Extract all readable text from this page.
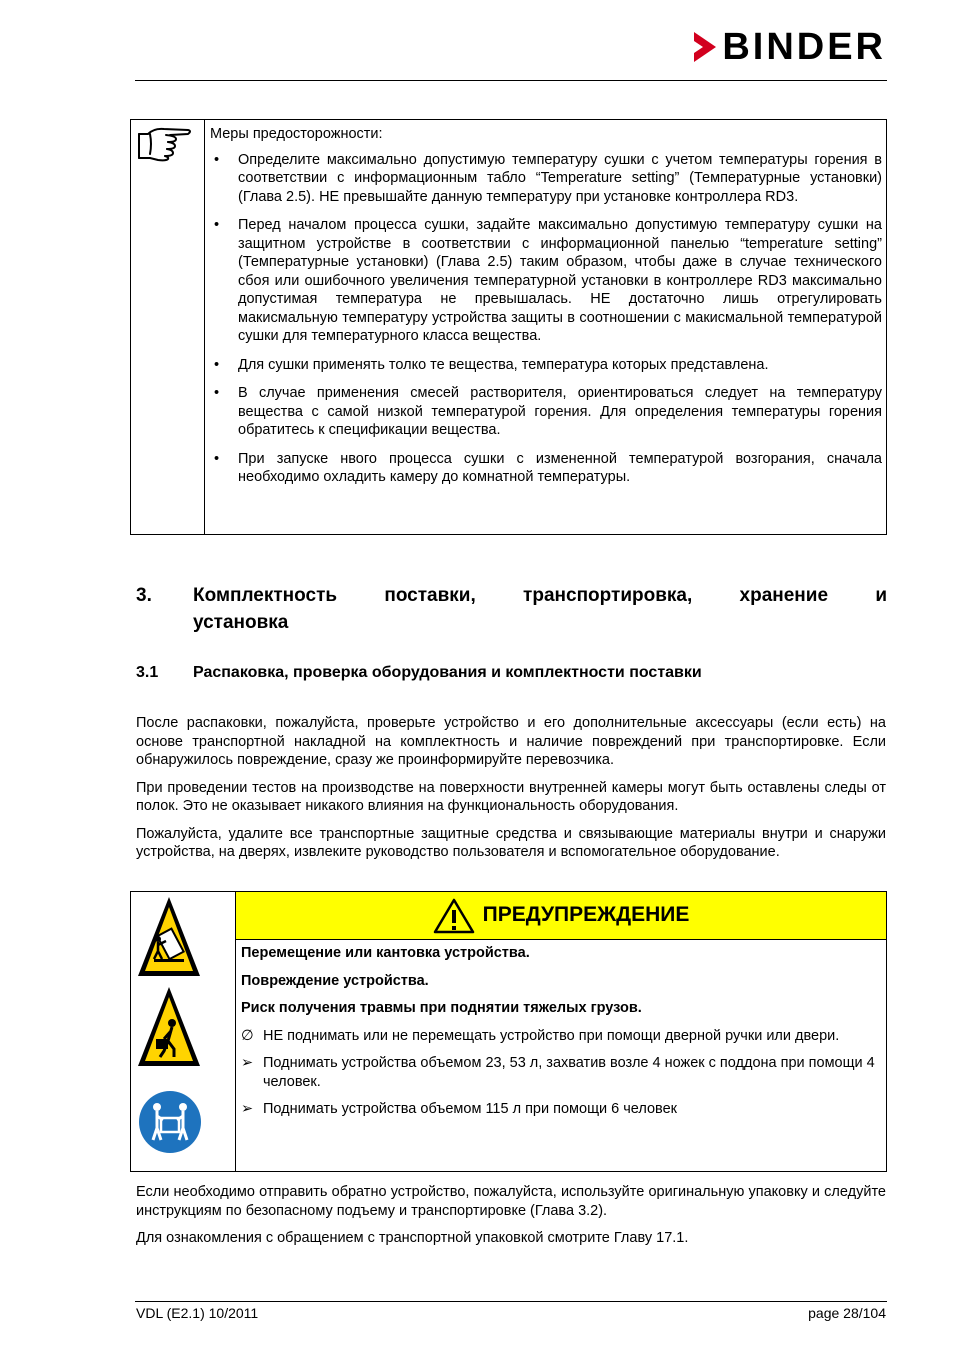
BINDER
Меры предосторожности:
• Определите максимально допустимую температуру сушки с учетом температуры горения в соответствии с информационным табло “Temperature setting” (Температурные установки) (Глава 2.5). НЕ превышайте данную температуру при установке контроллера RD3.
• Перед началом процесса сушки, задайте максимально допустимую температуру сушки на защитном устройстве в соответствии с информационной панелью “temperature setting” (Температурные установки) (Глава 2.5) таким образом, чтобы даже в случае технического сбоя или ошибочного увеличения температурной установки в контроллере RD3 максимально допустимая температура не превышалась. НЕ достаточно лишь отрегулировать макисмальную температуру устройства защиты в соотношении с макисмальной температурой сушки для температурного класса вещества.
• Для сушки применять толко те вещества, температура которых представлена.
• В случае применения смесей растворителя, ориентироваться следует на температуру вещества с самой низкой температурой горения. Для определения температуры горения обратитесь к спецификации вещества.
• При запуске нвого процесса сушки с измененной температурой возгорания, сначала необходимо охладить камеру до комнатной температуры.
3. Комплектность поставки, транспортировка, хранение и
установка
3.1 Распаковка, проверка оборудования и комплектности поставки

После распаковки, пожалуйста, проверьте устройство и его дополнительные аксессуары (если есть) на основе транспортной накладной на комплектность и наличие повреждений при транспортировке. Если обнаружилось повреждение, сразу же проинформируйте перевозчика.

При проведении тестов на производстве на поверхности внутренней камеры могут быть оставлены следы от полок. Это не оказывает никакого влияния на функциональность оборудования.

Пожалуйста, удалите все транспортные защитные средства и связывающие материалы внутри и снаружи устройства, на дверях, извлеките руководство пользователя и вспомогательное оборудование.

ПРЕДУПРЕЖДЕНИЕ
Перемещение или кантовка устройства.
Повреждение устройства.
Риск получения травмы при поднятии тяжелых грузов.
∅ НЕ поднимать или не перемещать устройство при помощи дверной ручки или двери.
➢ Поднимать устройства объемом 23, 53 л, захватив возле 4 ножек с поддона при помощи 4 человек.
➢ Поднимать устройства объемом 115 л при помощи 6 человек

Если необходимо отправить обратно устройство, пожалуйста, используйте оригинальную упаковку и следуйте инструкциям по безопасному подъему и транспортировке (Глава 3.2).

Для ознакомления с обращением с транспортной упаковкой смотрите Главу 17.1.

VDL (E2.1) 10/2011	page 28/104
